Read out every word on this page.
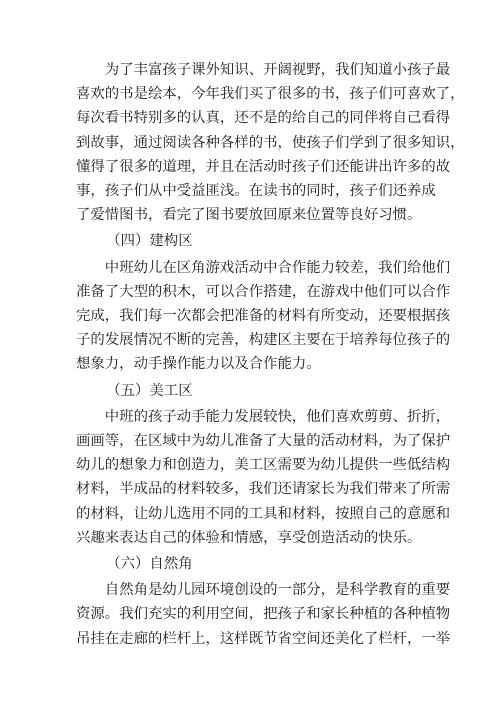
为了丰富孩子课外知识、开阔视野，我们知道小孩子最
喜欢的书是绘本，今年我们买了很多的书，孩子们可喜欢了，
每次看书特别多的认真，还不是的给自己的同伴将自己看得
到故事，通过阅读各种各样的书，使孩子们学到了很多知识，
懂得了很多的道理，并且在活动时孩子们还能讲出许多的故
事，孩子们从中受益匪浅。在读书的同时，孩子们还养成
了爱惜图书，看完了图书要放回原来位置等良好习惯。

（四）建构区

中班幼儿在区角游戏活动中合作能力较差，我们给他们
准备了大型的积木，可以合作搭建，在游戏中他们可以合作
完成，我们每一次都会把准备的材料有所变动，还要根据孩
子的发展情况不断的完善，构建区主要在于培养每位孩子的
想象力，动手操作能力以及合作能力。

（五）美工区

中班的孩子动手能力发展较快，他们喜欢剪剪、折折，
画画等，在区域中为幼儿准备了大量的活动材料，为了保护
幼儿的想象力和创造力，美工区需要为幼儿提供一些低结构
材料，半成品的材料较多，我们还请家长为我们带来了所需
的材料，让幼儿选用不同的工具和材料，按照自己的意愿和
兴趣来表达自己的体验和情感，享受创造活动的快乐。

（六）自然角

自然角是幼儿园环境创设的一部分，是科学教育的重要
资源。我们充实的利用空间，把孩子和家长种植的各种植物
吊挂在走廊的栏杆上，这样既节省空间还美化了栏杆，一举
